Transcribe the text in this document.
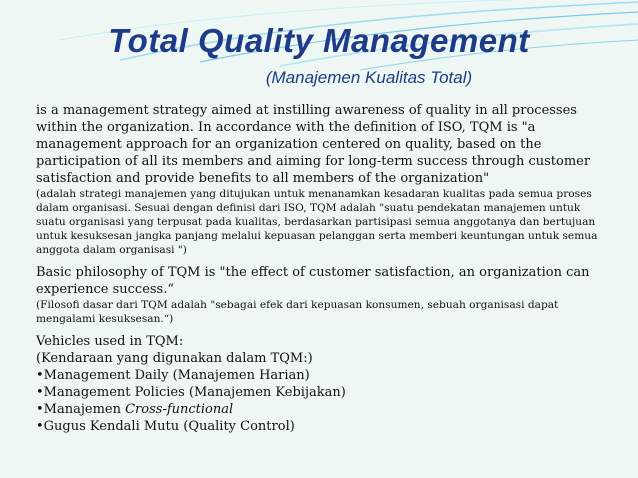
Total Quality Management

(Manajemen Kualitas Total)

is a management strategy aimed at instilling awareness of quality in all processes within the organization. In accordance with the definition of ISO, TQM is "a management approach for an organization centered on quality, based on the participation of all its members and aiming for long-term success through customer satisfaction and provide benefits to all members of the organization"

(adalah strategi manajemen yang ditujukan untuk menanamkan kesadaran kualitas pada semua proses dalam organisasi. Sesuai dengan definisi dari ISO, TQM adalah "suatu pendekatan manajemen untuk suatu organisasi yang terpusat pada kualitas, berdasarkan partisipasi semua anggotanya dan bertujuan untuk kesuksesan jangka panjang melalui kepuasan pelanggan serta memberi keuntungan untuk semua anggota dalam organisasi ")

Basic philosophy of TQM is "the effect of customer satisfaction, an organization can experience success.“

(Filosofi dasar dari TQM adalah "sebagai efek dari kepuasan konsumen, sebuah organisasi dapat mengalami kesuksesan.“)

Vehicles used in TQM:

(Kendaraan yang digunakan dalam TQM:)

•Management Daily (Manajemen Harian)

•Management Policies (Manajemen Kebijakan)

•Manajemen Cross-functional

•Gugus Kendali Mutu (Quality Control)
